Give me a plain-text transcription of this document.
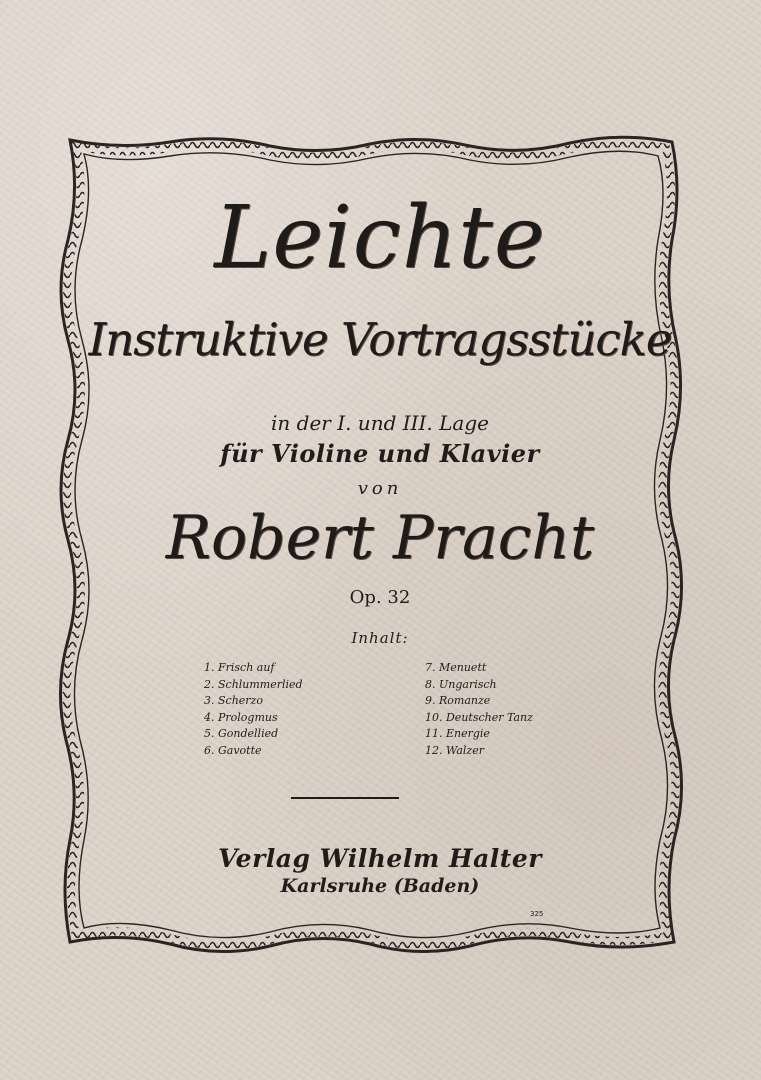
Leichte
Instruktive Vortragsstücke
in der I. und III. Lage
für Violine und Klavier
von
Robert Pracht
Op. 32
Inhalt:
1. Frisch auf
2. Schlummerlied
3. Scherzo
4. Prologmus
5. Gondellied
6. Gavotte
7. Menuett
8. Ungarisch
9. Romanze
10. Deutscher Tanz
11. Energie
12. Walzer
Verlag Wilhelm Halter
Karlsruhe (Baden)
325
